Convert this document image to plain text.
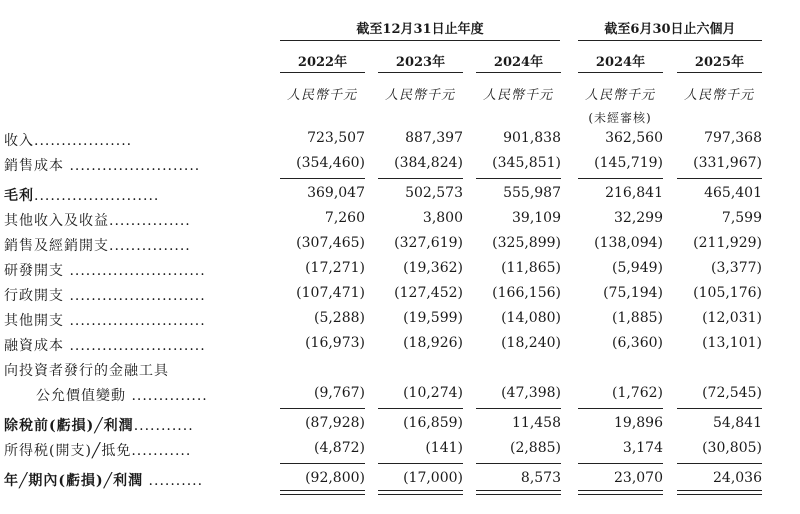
截至12月31日止年度	截至6月30日止六個月
2022年	2023年	2024年	2024年	2025年
人民幣千元	人民幣千元	人民幣千元	人民幣千元	人民幣千元
(未經審核)
收入..................	723,507	887,397	901,838	362,560	797,368
銷售成本 ........................	(354,460)	(384,824)	(345,851)	(145,719)	(331,967)
毛利.......................	369,047	502,573	555,987	216,841	465,401
其他收入及收益...............	7,260	3,800	39,109	32,299	7,599
銷售及經銷開支...............	(307,465)	(327,619)	(325,899)	(138,094)	(211,929)
研發開支 .........................	(17,271)	(19,362)	(11,865)	(5,949)	(3,377)
行政開支 .........................	(107,471)	(127,452)	(166,156)	(75,194)	(105,176)
其他開支 .........................	(5,288)	(19,599)	(14,080)	(1,885)	(12,031)
融資成本 .........................	(16,973)	(18,926)	(18,240)	(6,360)	(13,101)
向投資者發行的金融工具
公允價值變動 ..............	(9,767)	(10,274)	(47,398)	(1,762)	(72,545)
除稅前(虧損)╱利潤...........	(87,928)	(16,859)	11,458	19,896	54,841
所得税(開支)╱抵免...........	(4,872)	(141)	(2,885)	3,174	(30,805)
年╱期內(虧損)╱利潤 ..........	(92,800)	(17,000)	8,573	23,070	24,036
